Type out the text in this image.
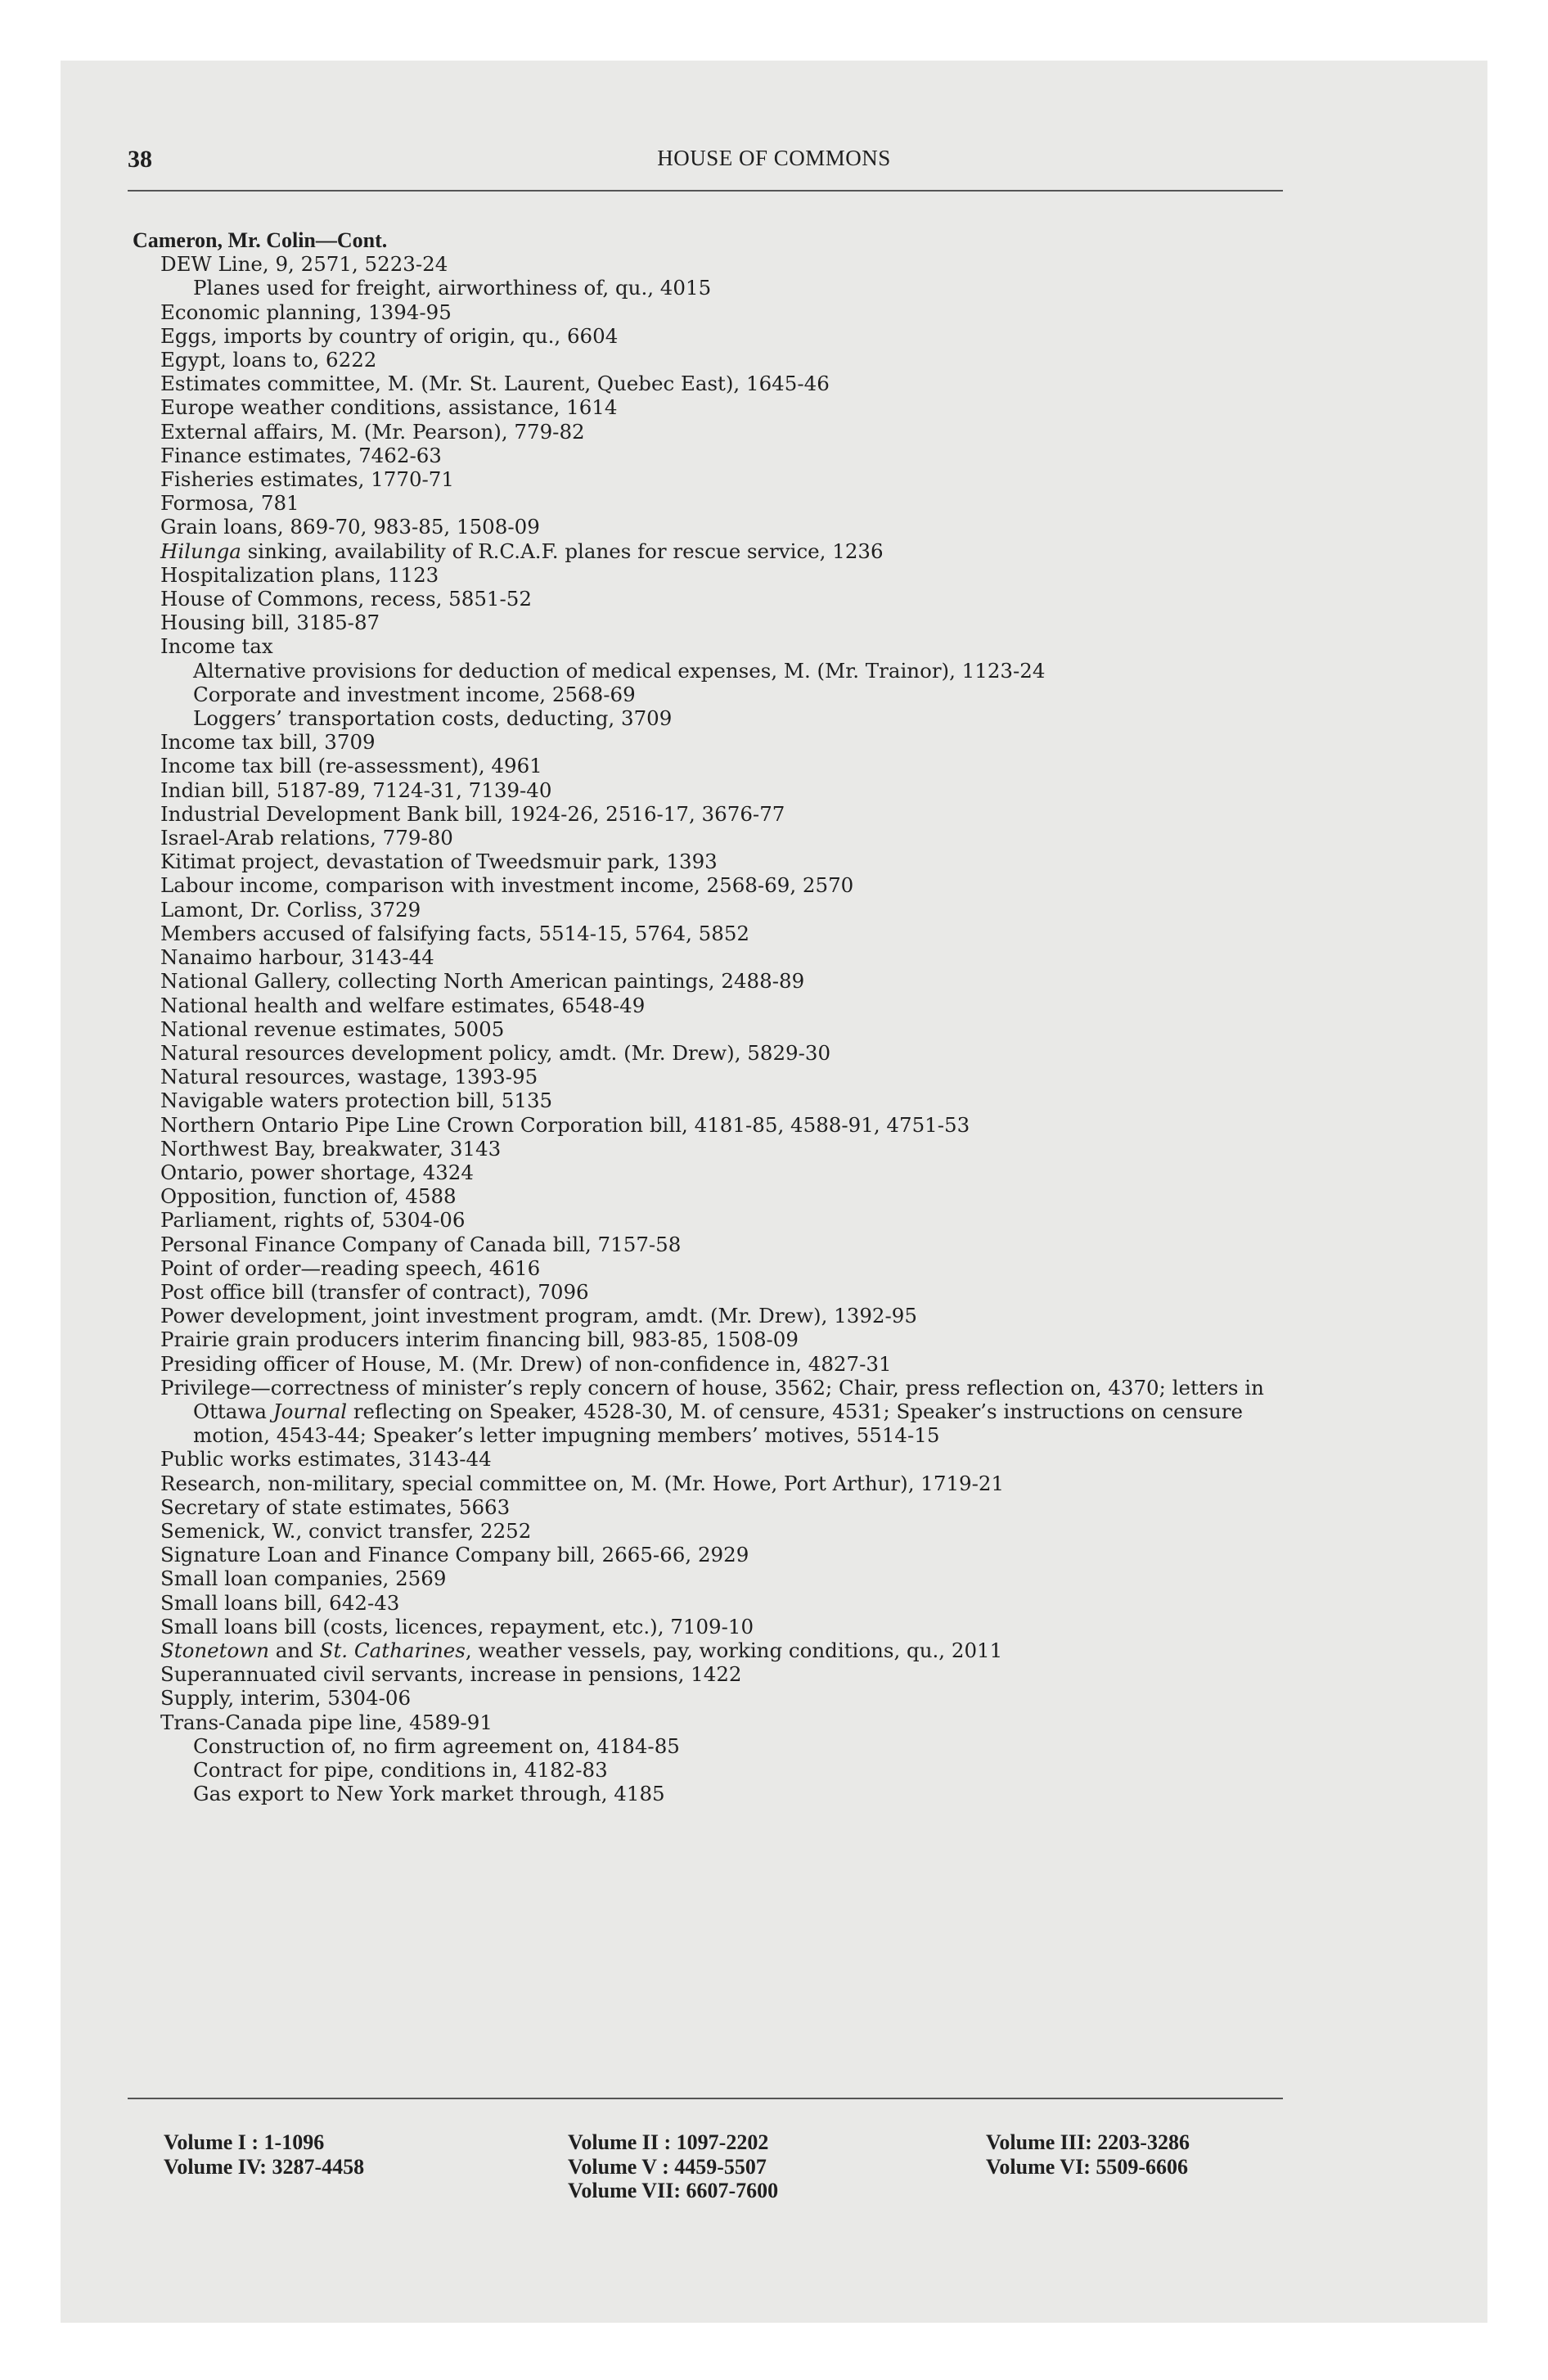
38	HOUSE OF COMMONS

Cameron, Mr. Colin—Cont.
DEW Line, 9, 2571, 5223-24
Planes used for freight, airworthiness of, qu., 4015
Economic planning, 1394-95
Eggs, imports by country of origin, qu., 6604
Egypt, loans to, 6222
Estimates committee, M. (Mr. St. Laurent, Quebec East), 1645-46
Europe weather conditions, assistance, 1614
External affairs, M. (Mr. Pearson), 779-82
Finance estimates, 7462-63
Fisheries estimates, 1770-71
Formosa, 781
Grain loans, 869-70, 983-85, 1508-09
Hilunga sinking, availability of R.C.A.F. planes for rescue service, 1236
Hospitalization plans, 1123
House of Commons, recess, 5851-52
Housing bill, 3185-87
Income tax
Alternative provisions for deduction of medical expenses, M. (Mr. Trainor), 1123-24
Corporate and investment income, 2568-69
Loggers’ transportation costs, deducting, 3709
Income tax bill, 3709
Income tax bill (re-assessment), 4961
Indian bill, 5187-89, 7124-31, 7139-40
Industrial Development Bank bill, 1924-26, 2516-17, 3676-77
Israel-Arab relations, 779-80
Kitimat project, devastation of Tweedsmuir park, 1393
Labour income, comparison with investment income, 2568-69, 2570
Lamont, Dr. Corliss, 3729
Members accused of falsifying facts, 5514-15, 5764, 5852
Nanaimo harbour, 3143-44
National Gallery, collecting North American paintings, 2488-89
National health and welfare estimates, 6548-49
National revenue estimates, 5005
Natural resources development policy, amdt. (Mr. Drew), 5829-30
Natural resources, wastage, 1393-95
Navigable waters protection bill, 5135
Northern Ontario Pipe Line Crown Corporation bill, 4181-85, 4588-91, 4751-53
Northwest Bay, breakwater, 3143
Ontario, power shortage, 4324
Opposition, function of, 4588
Parliament, rights of, 5304-06
Personal Finance Company of Canada bill, 7157-58
Point of order—reading speech, 4616
Post office bill (transfer of contract), 7096
Power development, joint investment program, amdt. (Mr. Drew), 1392-95
Prairie grain producers interim financing bill, 983-85, 1508-09
Presiding officer of House, M. (Mr. Drew) of non-confidence in, 4827-31
Privilege—correctness of minister’s reply concern of house, 3562; Chair, press reflection on, 4370; letters in Ottawa Journal reflecting on Speaker, 4528-30, M. of censure, 4531; Speaker’s instructions on censure motion, 4543-44; Speaker’s letter impugning members’ motives, 5514-15
Public works estimates, 3143-44
Research, non-military, special committee on, M. (Mr. Howe, Port Arthur), 1719-21
Secretary of state estimates, 5663
Semenick, W., convict transfer, 2252
Signature Loan and Finance Company bill, 2665-66, 2929
Small loan companies, 2569
Small loans bill, 642-43
Small loans bill (costs, licences, repayment, etc.), 7109-10
Stonetown and St. Catharines, weather vessels, pay, working conditions, qu., 2011
Superannuated civil servants, increase in pensions, 1422
Supply, interim, 5304-06
Trans-Canada pipe line, 4589-91
Construction of, no firm agreement on, 4184-85
Contract for pipe, conditions in, 4182-83
Gas export to New York market through, 4185
Volume I : 1-1096
Volume IV: 3287-4458
Volume II : 1097-2202
Volume V : 4459-5507
Volume VII: 6607-7600
Volume III: 2203-3286
Volume VI: 5509-6606
